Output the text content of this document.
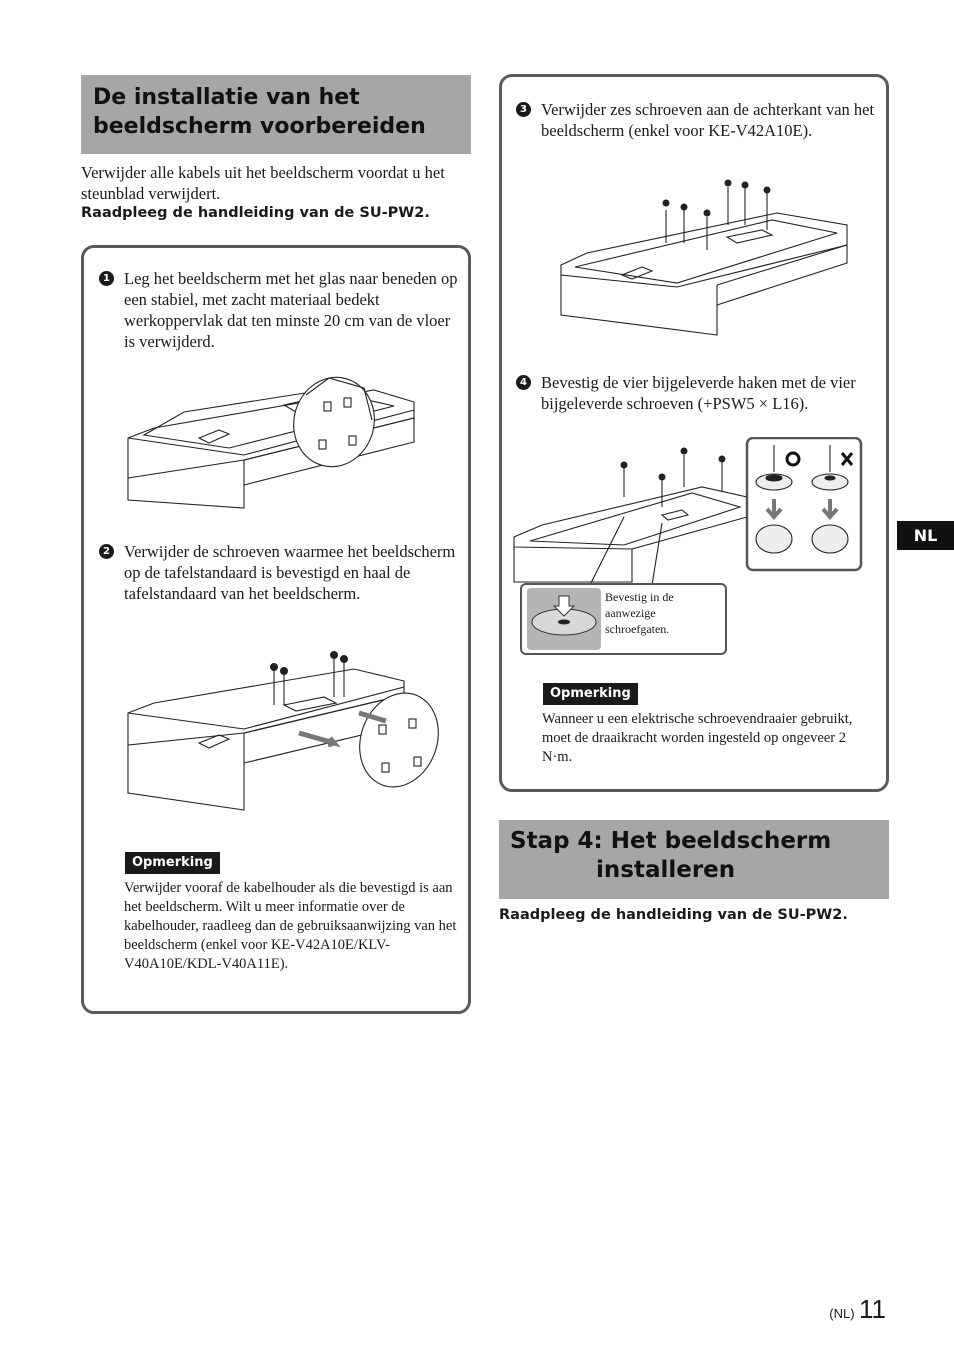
De installatie van het
beeldscherm voorbereiden
Verwijder alle kabels uit het beeldscherm voordat u het steunblad verwijdert.
Raadpleeg de handleiding van de SU-PW2.
1 Leg het beeldscherm met het glas naar beneden op een stabiel, met zacht materiaal bedekt werkoppervlak dat ten minste 20 cm van de vloer is verwijderd.
2 Verwijder de schroeven waarmee het beeldscherm op de tafelstandaard is bevestigd en haal de tafelstandaard van het beeldscherm.
Opmerking
Verwijder vooraf de kabelhouder als die bevestigd is aan het beeldscherm. Wilt u meer informatie over de kabelhouder, raadleeg dan de gebruiksaanwijzing van het beeldscherm (enkel voor KE-V42A10E/KLV-V40A10E/KDL-V40A11E).
3 Verwijder zes schroeven aan de achterkant van het beeldscherm (enkel voor KE-V42A10E).
4 Bevestig de vier bijgeleverde haken met de vier bijgeleverde schroeven (+PSW5 × L16).
Bevestig in de aanwezige schroefgaten.
Opmerking
Wanneer u een elektrische schroevendraaier gebruikt, moet de draaikracht worden ingesteld op ongeveer 2 N·m.
Stap 4: Het beeldscherm
installeren
Raadpleeg de handleiding van de SU-PW2.
NL
(NL) 11
